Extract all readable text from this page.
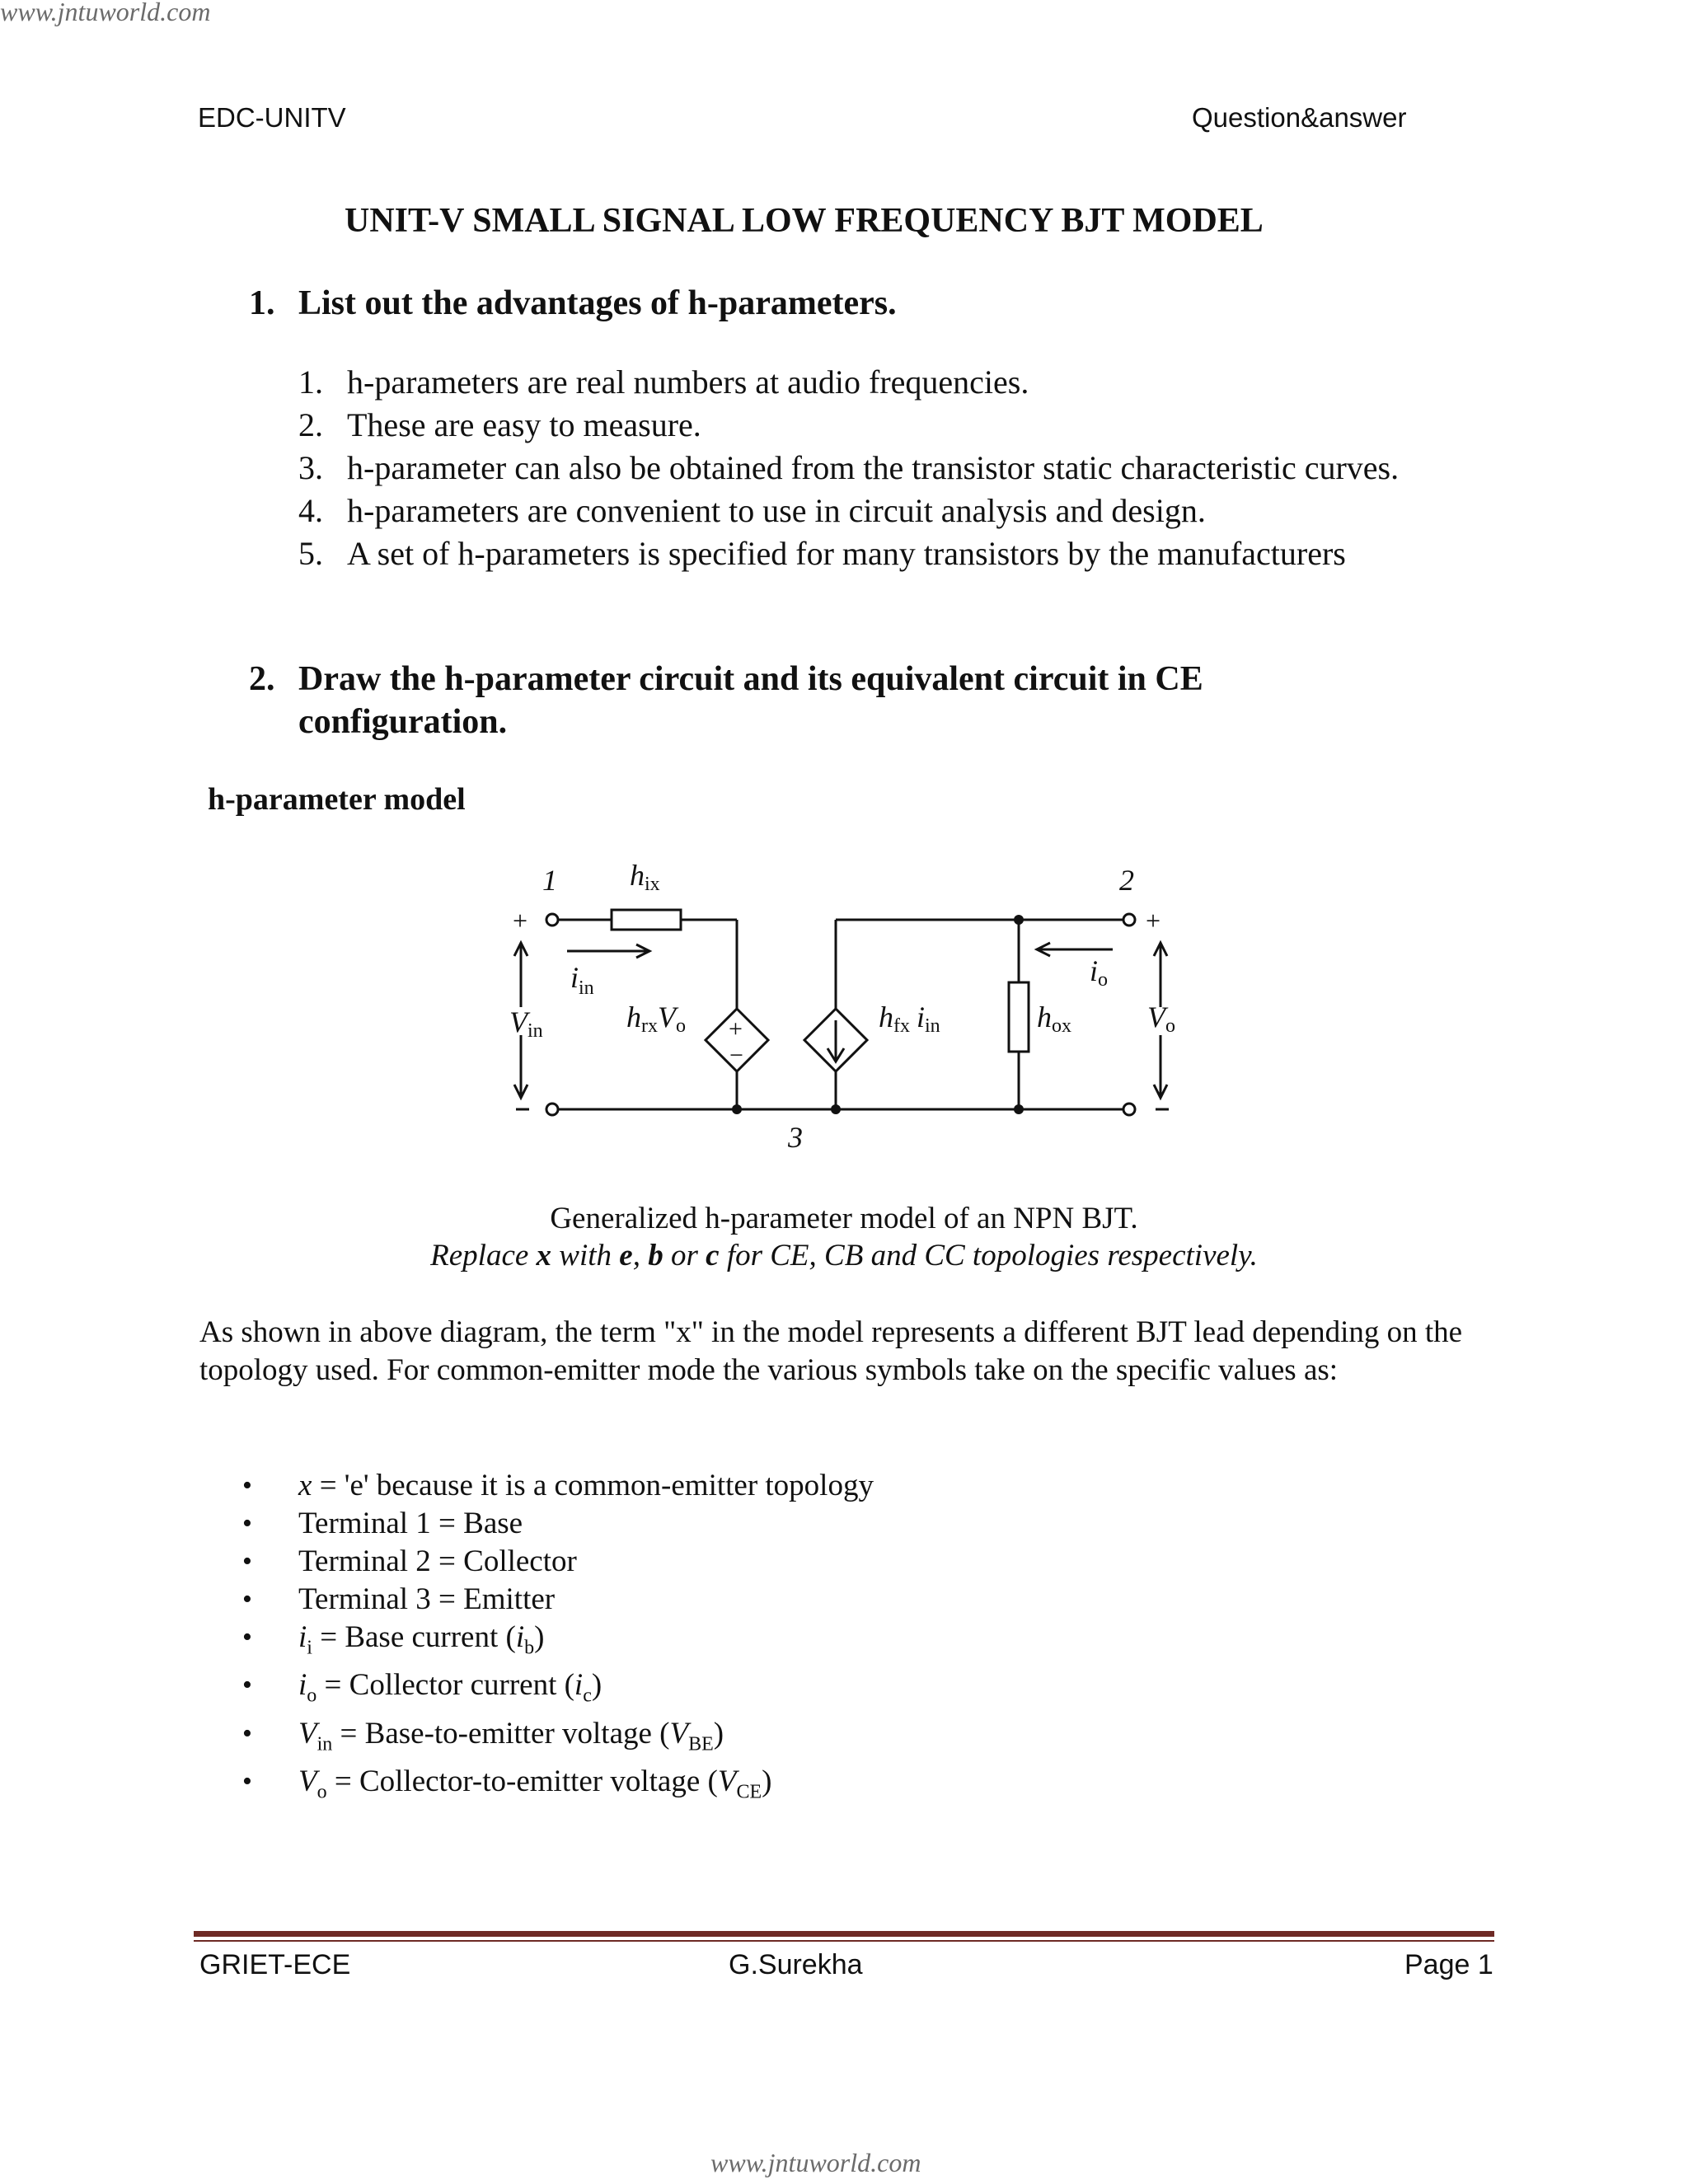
www.jntuworld.com
EDC-UNITV	Question&answer
UNIT-V SMALL SIGNAL LOW FREQUENCY BJT MODEL
1. List out the advantages of h-parameters.
1. h-parameters are real numbers at audio frequencies.
2. These are easy to measure.
3. h-parameter can also be obtained from the transistor static characteristic curves.
4. h-parameters are convenient to use in circuit analysis and design.
5. A set of h-parameters is specified for many transistors by the manufacturers
2. Draw the h-parameter circuit and its equivalent circuit in CE configuration.
h-parameter model
1	2
3
hix
$i_{in}$
hrxVo	hfx iin	hox
io
Vin	Vo
+	+
+
−
Generalized h-parameter model of an NPN BJT.
Replace x with e, b or c for CE, CB and CC topologies respectively.
As shown in above diagram, the term "x" in the model represents a different BJT lead depending on the topology used. For common-emitter mode the various symbols take on the specific values as:
• x = 'e' because it is a common-emitter topology
• Terminal 1 = Base
• Terminal 2 = Collector
• Terminal 3 = Emitter
• $i_i$ = Base current $(i_b)$
• $i_o$ = Collector current $(i_c)$
• $V_{in}$ = Base-to-emitter voltage $(V_{BE})$
• $V_o$ = Collector-to-emitter voltage $(V_{CE})$
GRIET-ECE	G.Surekha	Page 1
www.jntuworld.com
